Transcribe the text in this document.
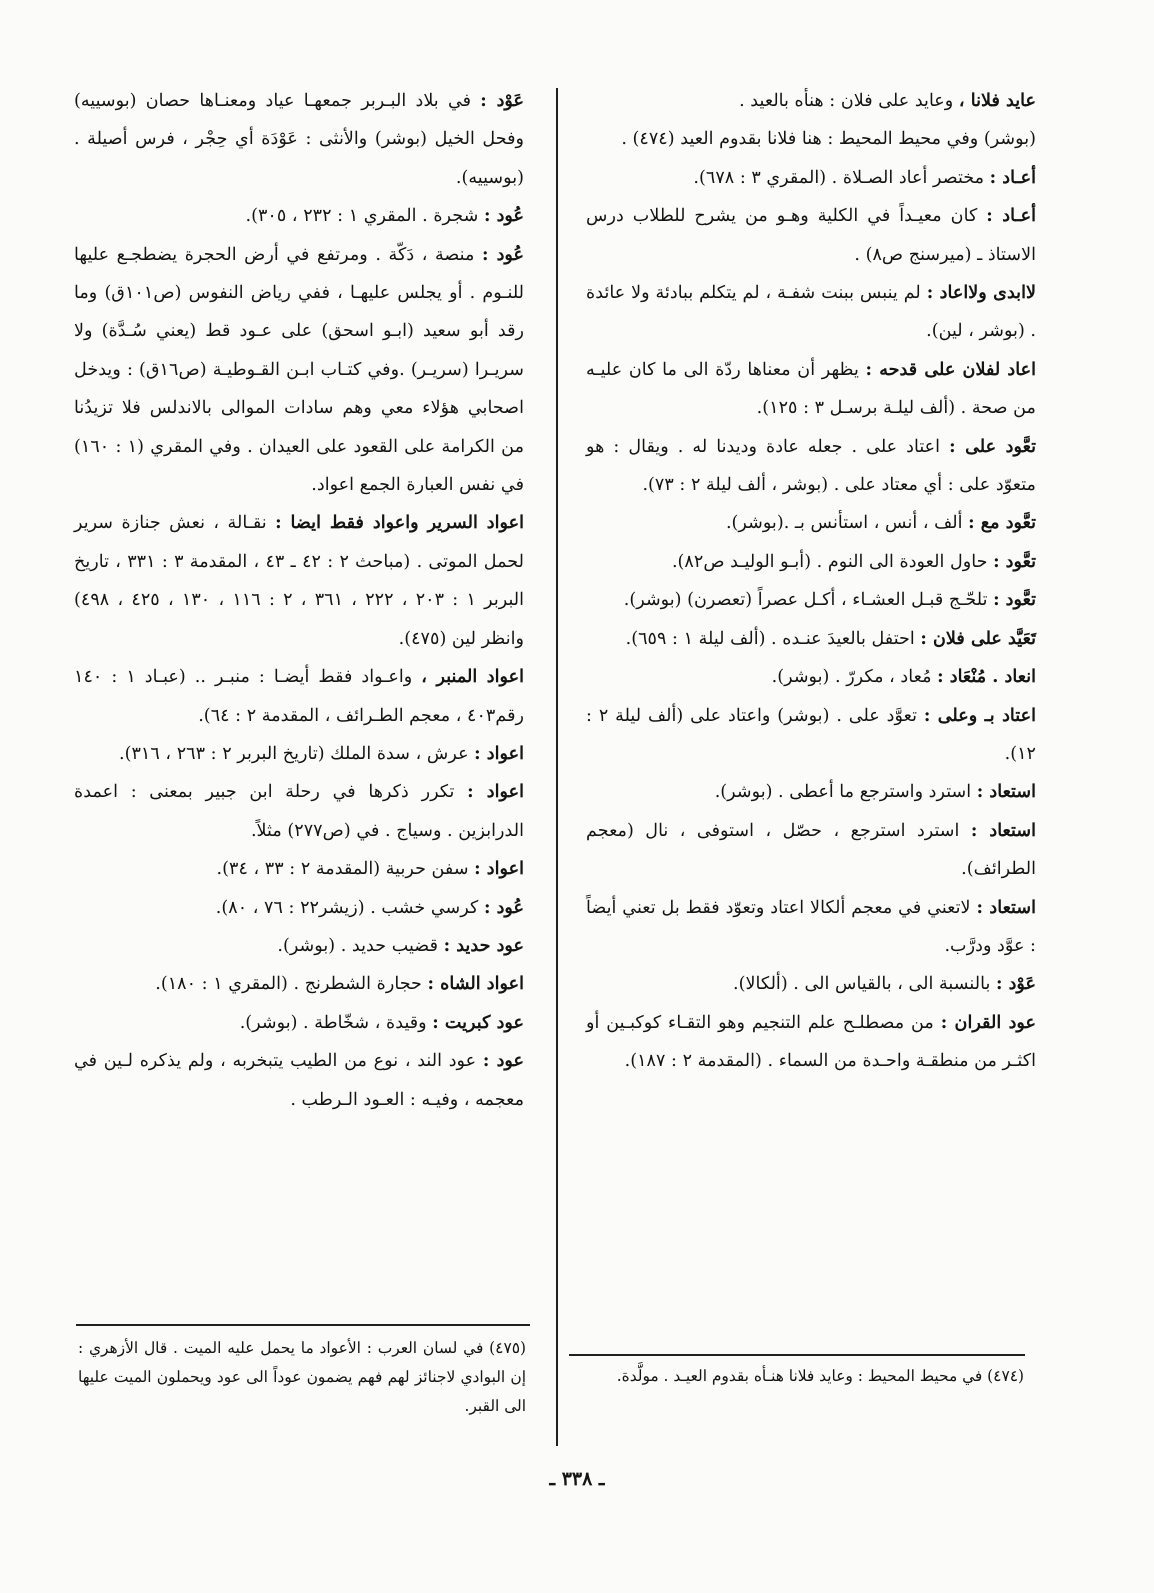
عايد فلانا ، وعايد على فلان : هنأه بالعيد .

(بوشر) وفي محيط المحيط : هنا فلانا بقدوم العيد (٤٧٤) .

أعـاد : مختصر أعاد الصـلاة . (المقري ٣ : ٦٧٨).

أعـاد : كان معيـداً في الكلية وهـو من يشرح للطلاب درس الاستاذ ـ (ميرسنج ص٨) .

لاابدى ولااعاد : لم ينبس ببنت شفـة ، لم يتكلم ببادئة ولا عائدة . (بوشر ، لين).

اعاد لفلان على قدحه : يظهر أن معناها ردّة الى ما كان عليـه من صحة . (ألف ليلـة برسـل ٣ : ١٢٥).

تعَّود على : اعتاد على . جعله عادة وديدنا له . ويقال : هو متعوّد على : أي معتاد على . (بوشر ، ألف ليلة ٢ : ٧٣).

تعَّود مع : ألف ، أنس ، استأنس بـ .(بوشر).

تعَّود : حاول العودة الى النوم . (أبـو الوليـد ص٨٢).

تعَّود : تلحّـج قبـل العشـاء ، أكـل عصراً (تعصرن) (بوشر).

تَعَيَّد على فلان : احتفل بالعيدَ عنـده . (ألف ليلة ١ : ٦٥٩).

انعاد . مُنْعَاد : مُعاد ، مكررّ . (بوشر).

اعتاد بـ وعلى : تعوَّد على . (بوشر) واعتاد على (ألف ليلة ٢ : ١٢).

استعاد : استرد واسترجع ما أعطى . (بوشر).

استعاد : استرد استرجع ، حصّل ، استوفى ، نال (معجم الطرائف).

استعاد : لاتعني في معجم ألكالا اعتاد وتعوّد فقط بل تعني أيضاً : عوَّد ودرَّب.

عَوْد : بالنسبة الى ، بالقياس الى . (ألكالا).

عود القران : من مصطلـح علم التنجيم وهو التقـاء كوكبـين أو اكثـر من منطقـة واحـدة من السماء . (المقدمة ٢ : ١٨٧).

عَوْد : في بلاد البـربر جمعهـا عياد ومعنـاها حصان (بوسييه) وفحل الخيل (بوشر) والأنثى : عَوْدَة أي حِجْر ، فرس أصيلة . (بوسييه).

عُود : شجرة . المقري ١ : ٢٣٢ ، ٣٠٥).

عُود : منصة ، دَكّة . ومرتفع في أرض الحجرة يضطجـع عليها للنـوم . أو يجلس عليهـا ، ففي رياض النفوس (ص١٠١ق) وما رقد أبو سعيد (ابـو اسحق) على عـود قط (يعني سُـدَّة) ولا سريـرا (سريـر) .وفي كتـاب ابـن القـوطيـة (ص١٦ق) : ويدخل اصحابي هؤلاء معي وهم سادات الموالى بالاندلس فلا تزيدُنا من الكرامة على القعود على العيدان . وفي المقري (١ : ١٦٠) في نفس العبارة الجمع اعواد.

اعواد السرير واعواد فقط ايضا : نقـالة ، نعش جنازة سرير لحمل الموتى . (مباحث ٢ : ٤٢ ـ ٤٣ ، المقدمة ٣ : ٣٣١ ، تاريخ البربر ١ : ٢٠٣ ، ٢٢٢ ، ٣٦١ ، ٢ : ١١٦ ، ١٣٠ ، ٤٢٥ ، ٤٩٨) وانظر لين (٤٧٥).

اعواد المنبر ، واعـواد فقط أيضـا : منبـر .. (عبـاد ١ : ١٤٠ رقم٤٠٣ ، معجم الطـرائف ، المقدمة ٢ : ٦٤).

اعواد : عرش ، سدة الملك (تاريخ البربر ٢ : ٢٦٣ ، ٣١٦).

اعواد : تكرر ذكرها في رحلة ابن جبير بمعنى : اعمدة الدرابزين . وسياج . في (ص٢٧٧) مثلاً.

اعواد : سفن حربية (المقدمة ٢ : ٣٣ ، ٣٤).

عُود : كرسي خشب . (زيشر٢٢ : ٧٦ ، ٨٠).

عود حديد : قضيب حديد . (بوشر).

اعواد الشاه : حجارة الشطرنج . (المقري ١ : ١٨٠).

عود كبريت : وقيدة ، شخّاطة . (بوشر).

عود : عود الند ، نوع من الطيب يتبخربه ، ولم يذكره لـين في معجمه ، وفيـه : العـود الـرطب .

(٤٧٤) في محيط المحيط : وعايد فلانا هنـأه بقدوم العيـد . مولَّدة.
(٤٧٥) في لسان العرب : الأعواد ما يحمل عليه الميت . قال الأزهري : إن البوادي لاجنائز لهم فهم يضمون عوداً الى عود ويحملون الميت عليها الى القبر.
ـ ٣٣٨ ـ
